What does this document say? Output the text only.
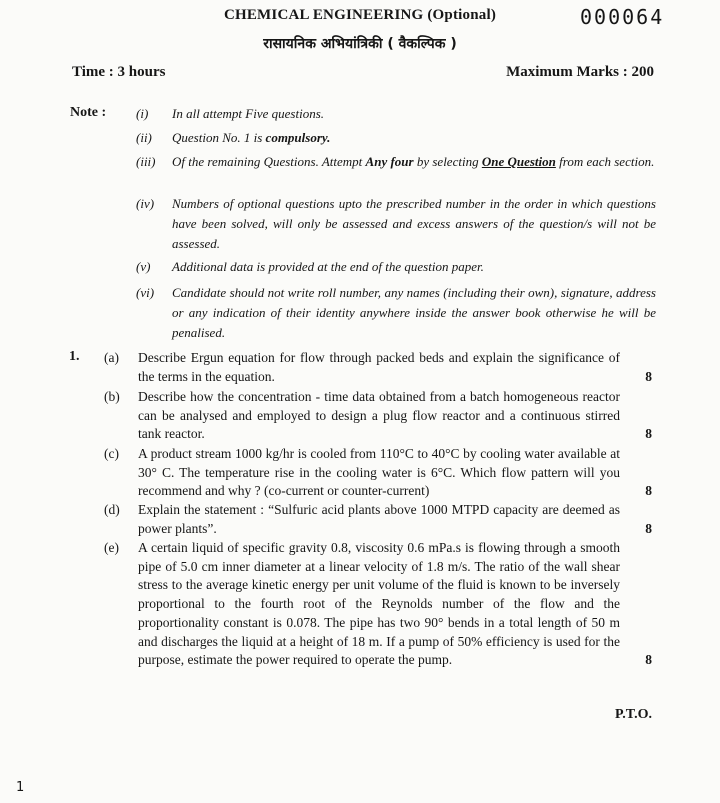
CHEMICAL ENGINEERING (Optional)	000064
रासायनिक अभियांत्रिकी ( वैकल्पिक )
Time : 3 hours	Maximum Marks : 200
Note : (i)	In all attempt Five questions.
(ii)	Question No. 1 is compulsory.
(iii)	Of the remaining Questions. Attempt Any four by selecting One Question from each section.
(iv)	Numbers of optional questions upto the prescribed number in the order in which questions have been solved, will only be assessed and excess answers of the question/s will not be assessed.
(v)	Additional data is provided at the end of the question paper.
(vi)	Candidate should not write roll number, any names (including their own), signature, address or any indication of their identity anywhere inside the answer book otherwise he will be penalised.
1. (a) Describe Ergun equation for flow through packed beds and explain the significance of the terms in the equation.	8
(b) Describe how the concentration - time data obtained from a batch homogeneous reactor can be analysed and employed to design a plug flow reactor and a continuous stirred tank reactor.	8
(c) A product stream 1000 kg/hr is cooled from 110°C to 40°C by cooling water available at 30° C. The temperature rise in the cooling water is 6°C. Which flow pattern will you recommend and why ? (co-current or counter-current)	8
(d) Explain the statement : “Sulfuric acid plants above 1000 MTPD capacity are deemed as power plants”.	8
(e) A certain liquid of specific gravity 0.8, viscosity 0.6 mPa.s is flowing through a smooth pipe of 5.0 cm inner diameter at a linear velocity of 1.8 m/s. The ratio of the wall shear stress to the average kinetic energy per unit volume of the fluid is known to be inversely proportional to the fourth root of the Reynolds number of the flow and the proportionality constant is 0.078. The pipe has two 90° bends in a total length of 50 m and discharges the liquid at a height of 18 m. If a pump of 50% efficiency is used for the purpose, estimate the power required to operate the pump.	8
P.T.O.
1
